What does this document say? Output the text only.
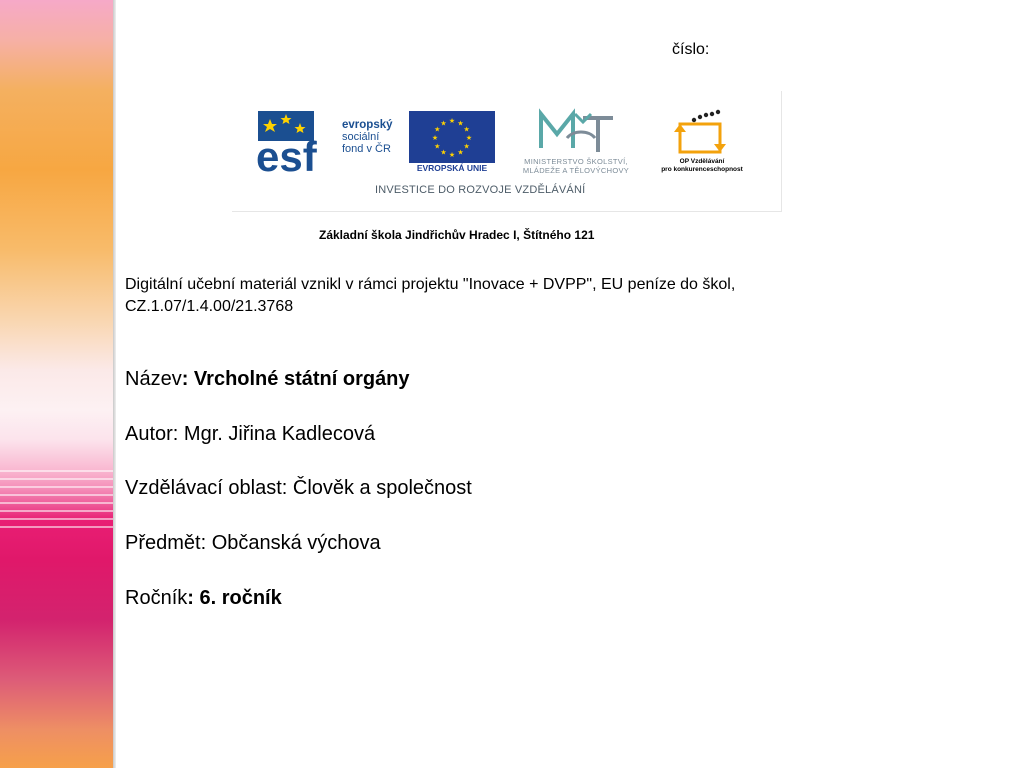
číslo:
esf
evropský
sociální
fond v ČR
★ ★
★
★
★
★
★
★
★
★
★
★
EVROPSKÁ UNIE
MINISTERSTVO ŠKOLSTVÍ,
MLÁDEŽE A TĚLOVÝCHOVY
OP Vzdělávání
pro konkurenceschopnost
INVESTICE DO ROZVOJE VZDĚLÁVÁNÍ
Základní škola Jindřichův Hradec I, Štítného 121
Digitální učební materiál vznikl v rámci projektu "Inovace + DVPP", EU peníze do škol,
CZ.1.07/1.4.00/21.3768
Název: Vrcholné státní orgány
Autor: Mgr. Jiřina Kadlecová
Vzdělávací oblast: Člověk a společnost
Předmět: Občanská výchova
Ročník: 6. ročník
